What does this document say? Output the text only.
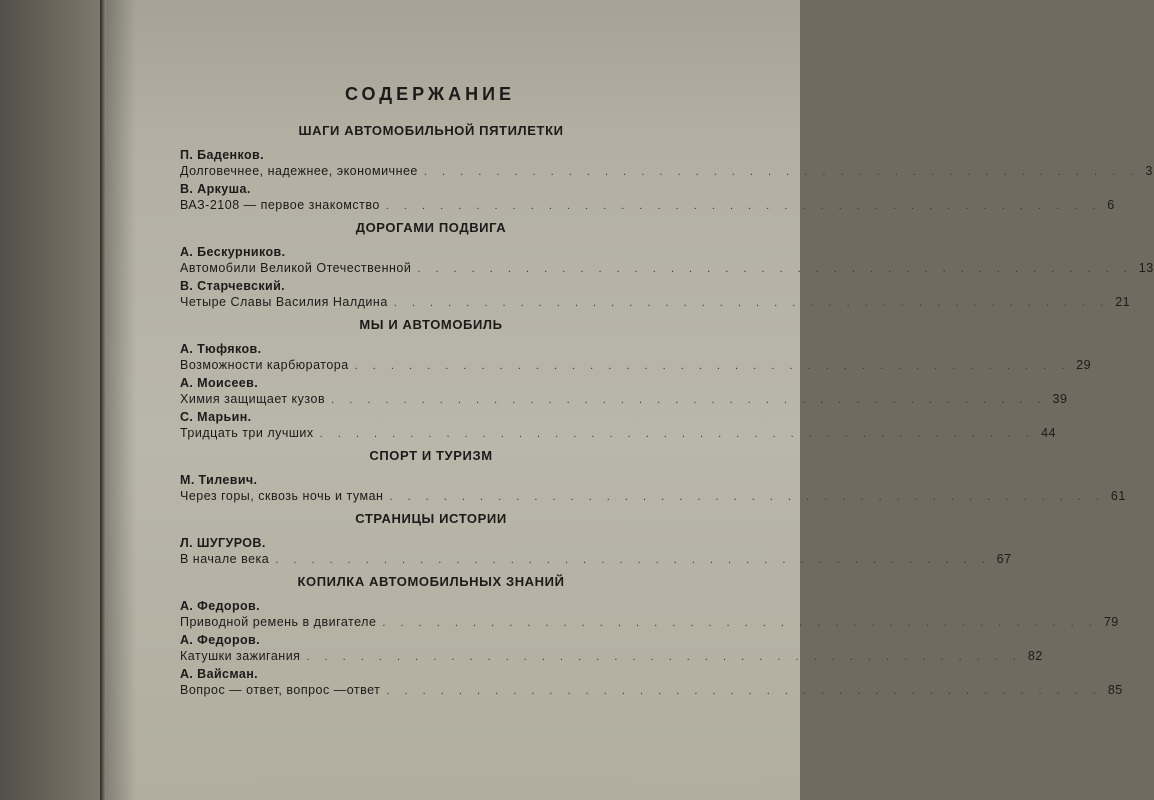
СОДЕРЖАНИЕ
ШАГИ АВТОМОБИЛЬНОЙ ПЯТИЛЕТКИ
П. Баденков.
Долговечнее, надежнее, экономичнее . . . . . . . . . . . . . . . . . . . . . . . . . . . . . . . . . . . . . . . . 3
В. Аркуша.
ВАЗ-2108 — первое знакомство . . . . . . . . . . . . . . . . . . . . . . . . . . . . . . . . . . . . . . . . 6
ДОРОГАМИ ПОДВИГА
А. Бескурников.
Автомобили Великой Отечественной . . . . . . . . . . . . . . . . . . . . . . . . . . . . . . . . . . . . . . . . 13
В. Старчевский.
Четыре Славы Василия Налдина . . . . . . . . . . . . . . . . . . . . . . . . . . . . . . . . . . . . . . . . 21
МЫ И АВТОМОБИЛЬ
А. Тюфяков.
Возможности карбюратора . . . . . . . . . . . . . . . . . . . . . . . . . . . . . . . . . . . . . . . . 29
А. Моисеев.
Химия защищает кузов . . . . . . . . . . . . . . . . . . . . . . . . . . . . . . . . . . . . . . . . 39
С. Марьин.
Тридцать три лучших . . . . . . . . . . . . . . . . . . . . . . . . . . . . . . . . . . . . . . . . 44
СПОРТ И ТУРИЗМ
М. Тилевич.
Через горы, сквозь ночь и туман . . . . . . . . . . . . . . . . . . . . . . . . . . . . . . . . . . . . . . . . 61
СТРАНИЦЫ ИСТОРИИ
Л. ШУГУРОВ.
В начале века . . . . . . . . . . . . . . . . . . . . . . . . . . . . . . . . . . . . . . . . 67
КОПИЛКА АВТОМОБИЛЬНЫХ ЗНАНИЙ
А. Федоров.
Приводной ремень в двигателе . . . . . . . . . . . . . . . . . . . . . . . . . . . . . . . . . . . . . . . . 79
А. Федоров.
Катушки зажигания . . . . . . . . . . . . . . . . . . . . . . . . . . . . . . . . . . . . . . . . 82
А. Вайсман.
Вопрос — ответ, вопрос —ответ . . . . . . . . . . . . . . . . . . . . . . . . . . . . . . . . . . . . . . . . 85
